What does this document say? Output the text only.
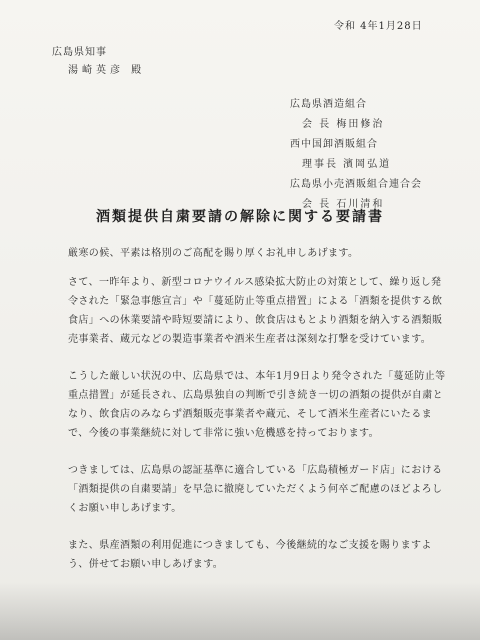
令和 4年1月28日
広島県知事
湯崎英彦 殿
広島県酒造組合
会 長 梅田修治
西中国卸酒販組合
理事長 濱岡弘道
広島県小売酒販組合連合会
会 長 石川清和
酒類提供自粛要請の解除に関する要請書

厳寒の候、平素は格別のご高配を賜り厚くお礼申しあげます。

さて、一昨年より、新型コロナウイルス感染拡大防止の対策として、繰り返し発令された「緊急事態宣言」や「蔓延防止等重点措置」による「酒類を提供する飲食店」への休業要請や時短要請により、飲食店はもとより酒類を納入する酒類販売事業者、蔵元などの製造事業者や酒米生産者は深刻な打撃を受けています。

こうした厳しい状況の中、広島県では、本年1月9日より発令された「蔓延防止等重点措置」が延長され、広島県独自の判断で引き続き一切の酒類の提供が自粛となり、飲食店のみならず酒類販売事業者や蔵元、そして酒米生産者にいたるまで、今後の事業継続に対して非常に強い危機感を持っております。

つきましては、広島県の認証基準に適合している「広島積極ガード店」における「酒類提供の自粛要請」を早急に撤廃していただくよう何卒ご配慮のほどよろしくお願い申しあげます。

また、県産酒類の利用促進につきましても、今後継続的なご支援を賜りますよう、併せてお願い申しあげます。
